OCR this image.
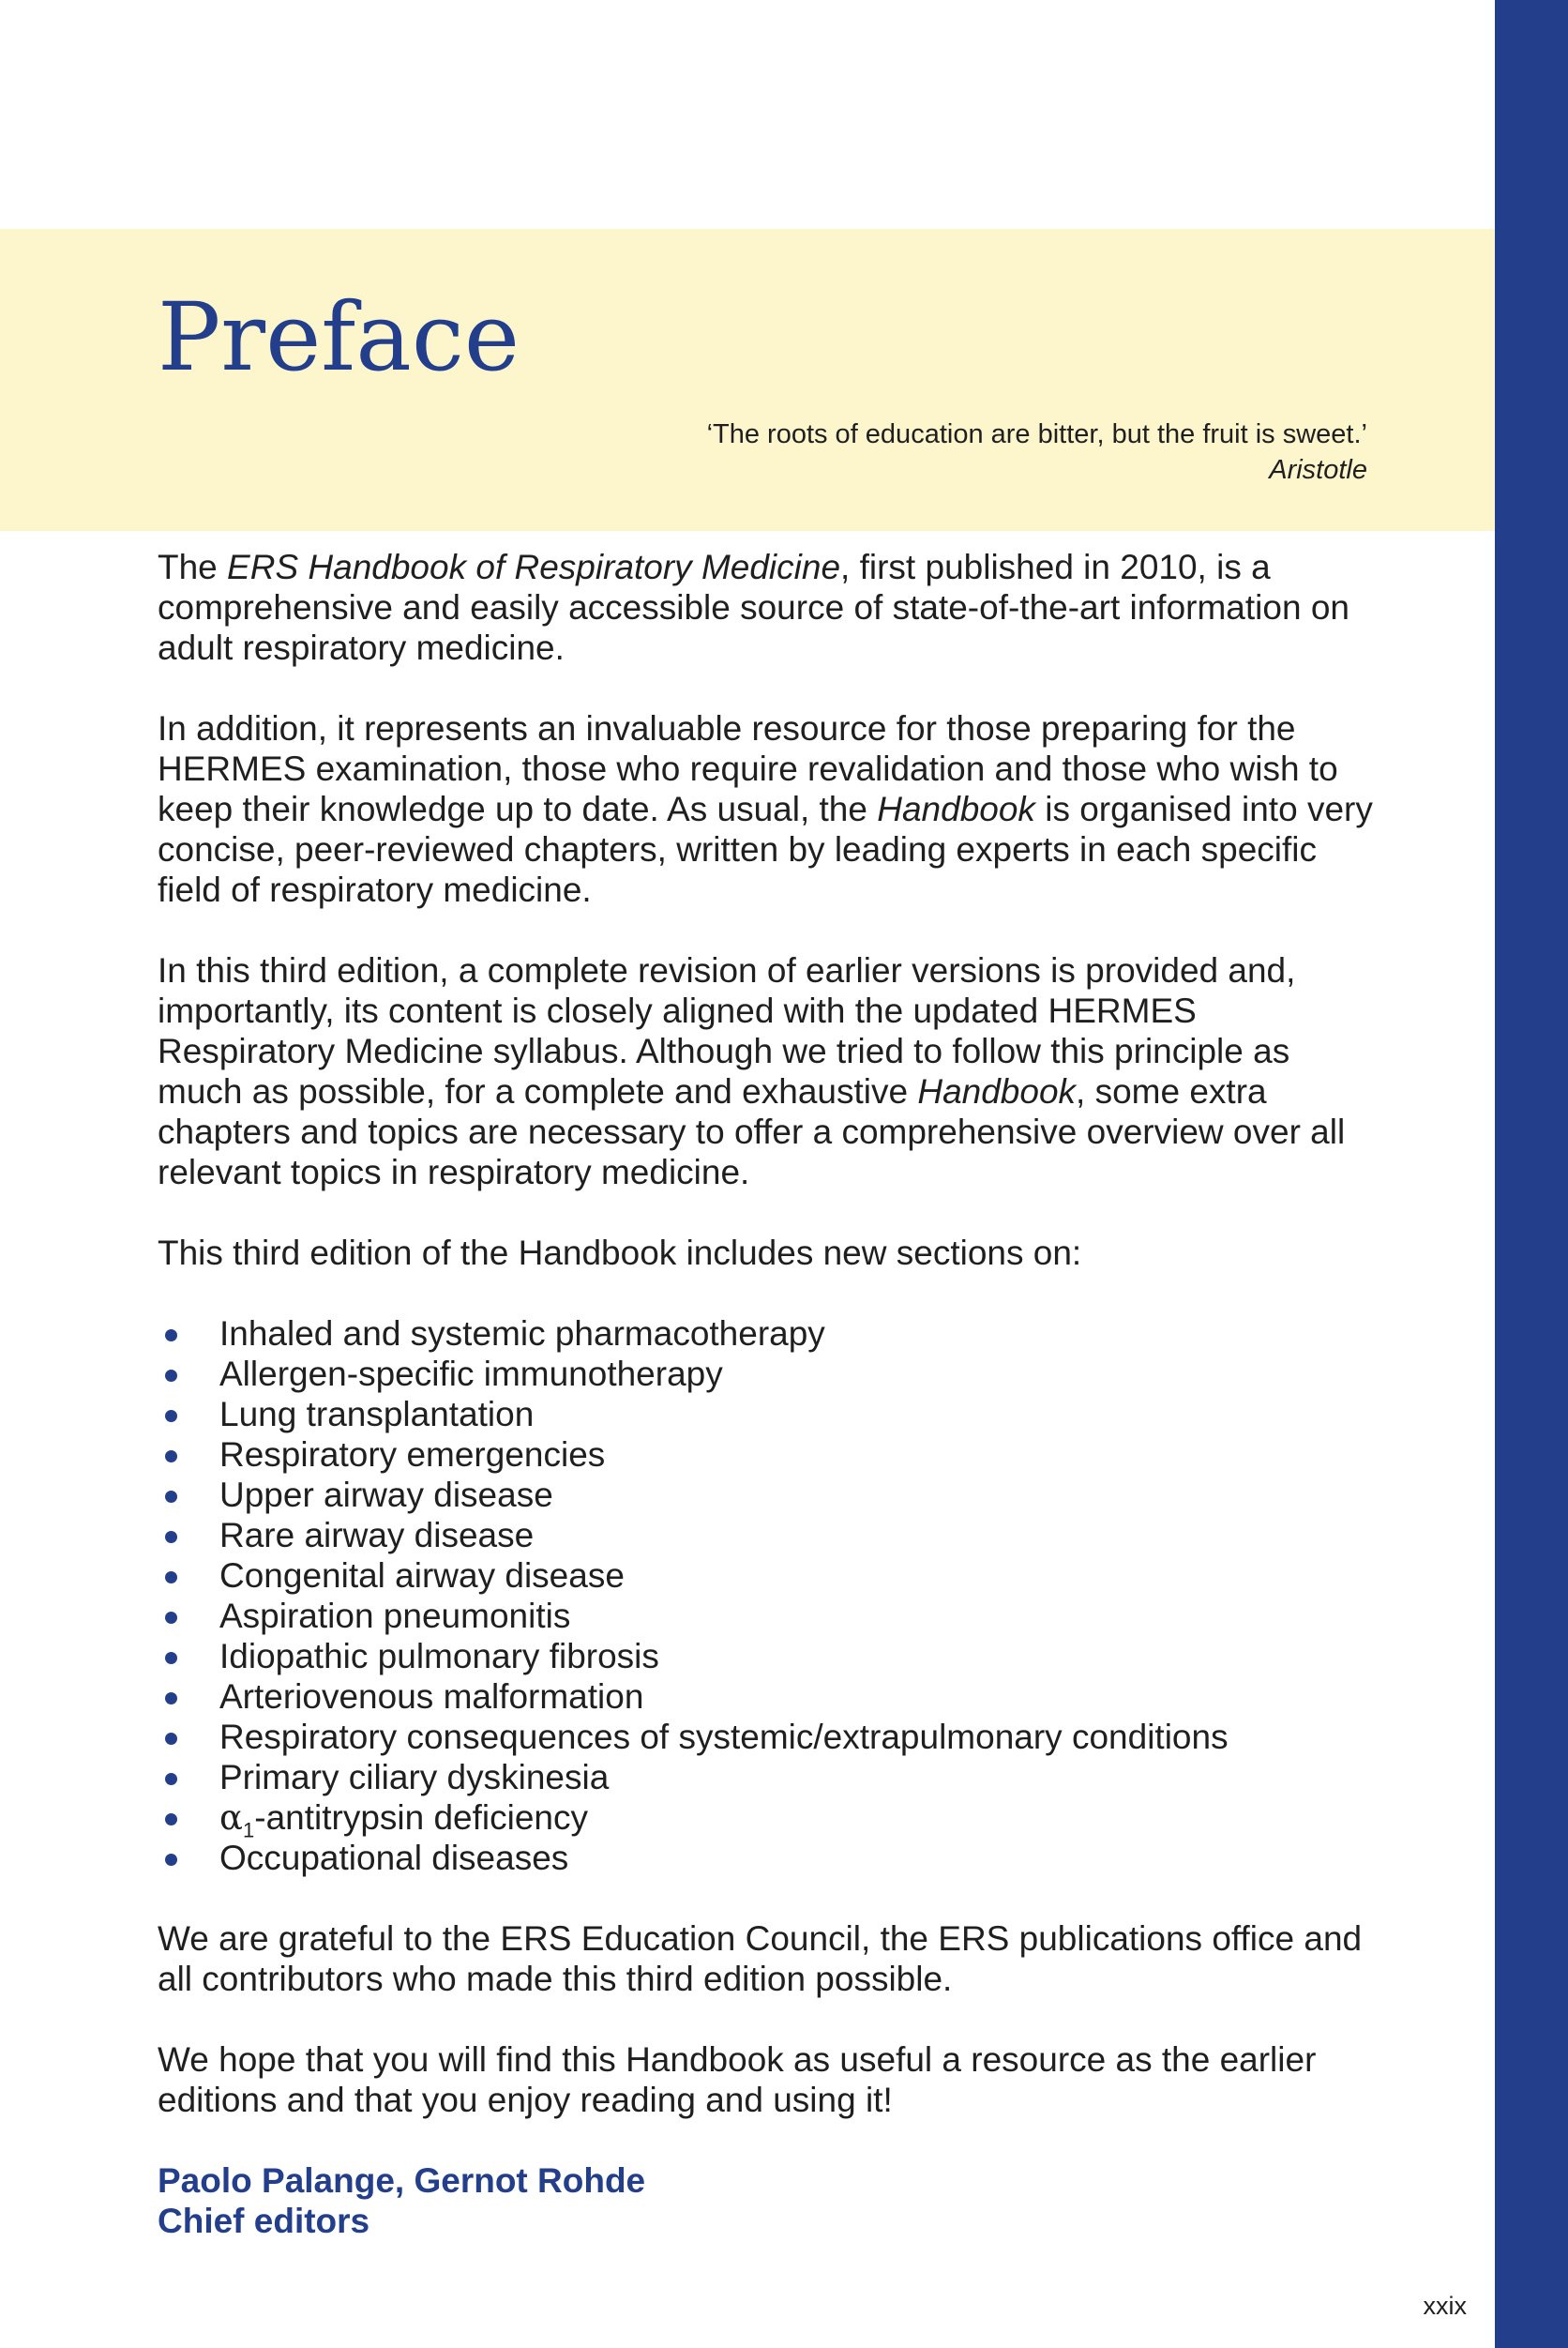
Preface
‘The roots of education are bitter, but the fruit is sweet.’
Aristotle

The ERS Handbook of Respiratory Medicine, first published in 2010, is a comprehensive and easily accessible source of state-of-the-art information on adult respiratory medicine.

In addition, it represents an invaluable resource for those preparing for the HERMES examination, those who require revalidation and those who wish to keep their knowledge up to date. As usual, the Handbook is organised into very concise, peer-reviewed chapters, written by leading experts in each specific field of respiratory medicine.

In this third edition, a complete revision of earlier versions is provided and, importantly, its content is closely aligned with the updated HERMES Respiratory Medicine syllabus. Although we tried to follow this principle as much as possible, for a complete and exhaustive Handbook, some extra chapters and topics are necessary to offer a comprehensive overview over all relevant topics in respiratory medicine.

This third edition of the Handbook includes new sections on:

Inhaled and systemic pharmacotherapy
Allergen-specific immunotherapy
Lung transplantation
Respiratory emergencies
Upper airway disease
Rare airway disease
Congenital airway disease
Aspiration pneumonitis
Idiopathic pulmonary fibrosis
Arteriovenous malformation
Respiratory consequences of systemic/extrapulmonary conditions
Primary ciliary dyskinesia
$\alpha_1$-antitrypsin deficiency
Occupational diseases

We are grateful to the ERS Education Council, the ERS publications office and all contributors who made this third edition possible.

We hope that you will find this Handbook as useful a resource as the earlier editions and that you enjoy reading and using it!

Paolo Palange, Gernot Rohde
Chief editors
xxix
